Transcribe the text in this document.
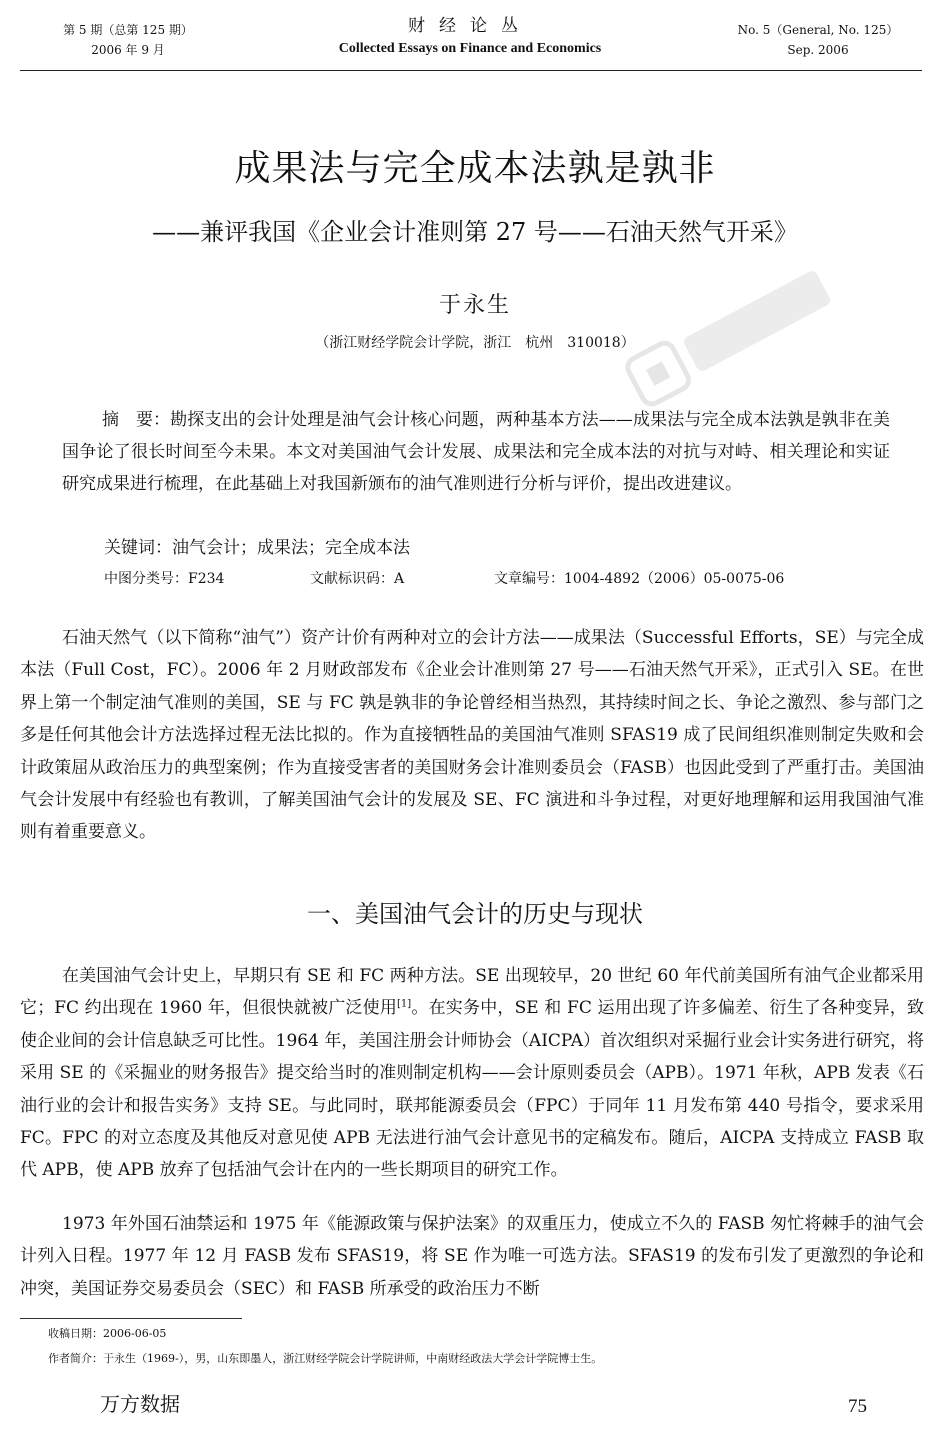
第 5 期（总第 125 期）
2006 年 9 月
财经论丛
Collected Essays on Finance and Economics
No. 5（General, No. 125）
Sep. 2006
成果法与完全成本法孰是孰非
——兼评我国《企业会计准则第 27 号——石油天然气开采》
于永生
（浙江财经学院会计学院，浙江　杭州　310018）
摘　要：勘探支出的会计处理是油气会计核心问题，两种基本方法——成果法与完全成本法孰是孰非在美国争论了很长时间至今未果。本文对美国油气会计发展、成果法和完全成本法的对抗与对峙、相关理论和实证研究成果进行梳理，在此基础上对我国新颁布的油气准则进行分析与评价，提出改进建议。
关键词：油气会计；成果法；完全成本法
中图分类号：F234	文献标识码：A	文章编号：1004-4892（2006）05-0075-06
石油天然气（以下简称“油气”）资产计价有两种对立的会计方法——成果法（Successful Efforts，SE）与完全成本法（Full Cost，FC）。2006 年 2 月财政部发布《企业会计准则第 27 号——石油天然气开采》，正式引入 SE。在世界上第一个制定油气准则的美国，SE 与 FC 孰是孰非的争论曾经相当热烈，其持续时间之长、争论之激烈、参与部门之多是任何其他会计方法选择过程无法比拟的。作为直接牺牲品的美国油气准则 SFAS19 成了民间组织准则制定失败和会计政策屈从政治压力的典型案例；作为直接受害者的美国财务会计准则委员会（FASB）也因此受到了严重打击。美国油气会计发展中有经验也有教训，了解美国油气会计的发展及 SE、FC 演进和斗争过程，对更好地理解和运用我国油气准则有着重要意义。
一、美国油气会计的历史与现状
在美国油气会计史上，早期只有 SE 和 FC 两种方法。SE 出现较早，20 世纪 60 年代前美国所有油气企业都采用它；FC 约出现在 1960 年，但很快就被广泛使用[1]。在实务中，SE 和 FC 运用出现了许多偏差、衍生了各种变异，致使企业间的会计信息缺乏可比性。1964 年，美国注册会计师协会（AICPA）首次组织对采掘行业会计实务进行研究，将采用 SE 的《采掘业的财务报告》提交给当时的准则制定机构——会计原则委员会（APB）。1971 年秋，APB 发表《石油行业的会计和报告实务》支持 SE。与此同时，联邦能源委员会（FPC）于同年 11 月发布第 440 号指令，要求采用 FC。FPC 的对立态度及其他反对意见使 APB 无法进行油气会计意见书的定稿发布。随后，AICPA 支持成立 FASB 取代 APB，使 APB 放弃了包括油气会计在内的一些长期项目的研究工作。
1973 年外国石油禁运和 1975 年《能源政策与保护法案》的双重压力，使成立不久的 FASB 匆忙将棘手的油气会计列入日程。1977 年 12 月 FASB 发布 SFAS19，将 SE 作为唯一可选方法。SFAS19 的发布引发了更激烈的争论和冲突，美国证券交易委员会（SEC）和 FASB 所承受的政治压力不断
收稿日期：2006-06-05
作者简介：于永生（1969-），男，山东即墨人，浙江财经学院会计学院讲师，中南财经政法大学会计学院博士生。
万方数据	75
